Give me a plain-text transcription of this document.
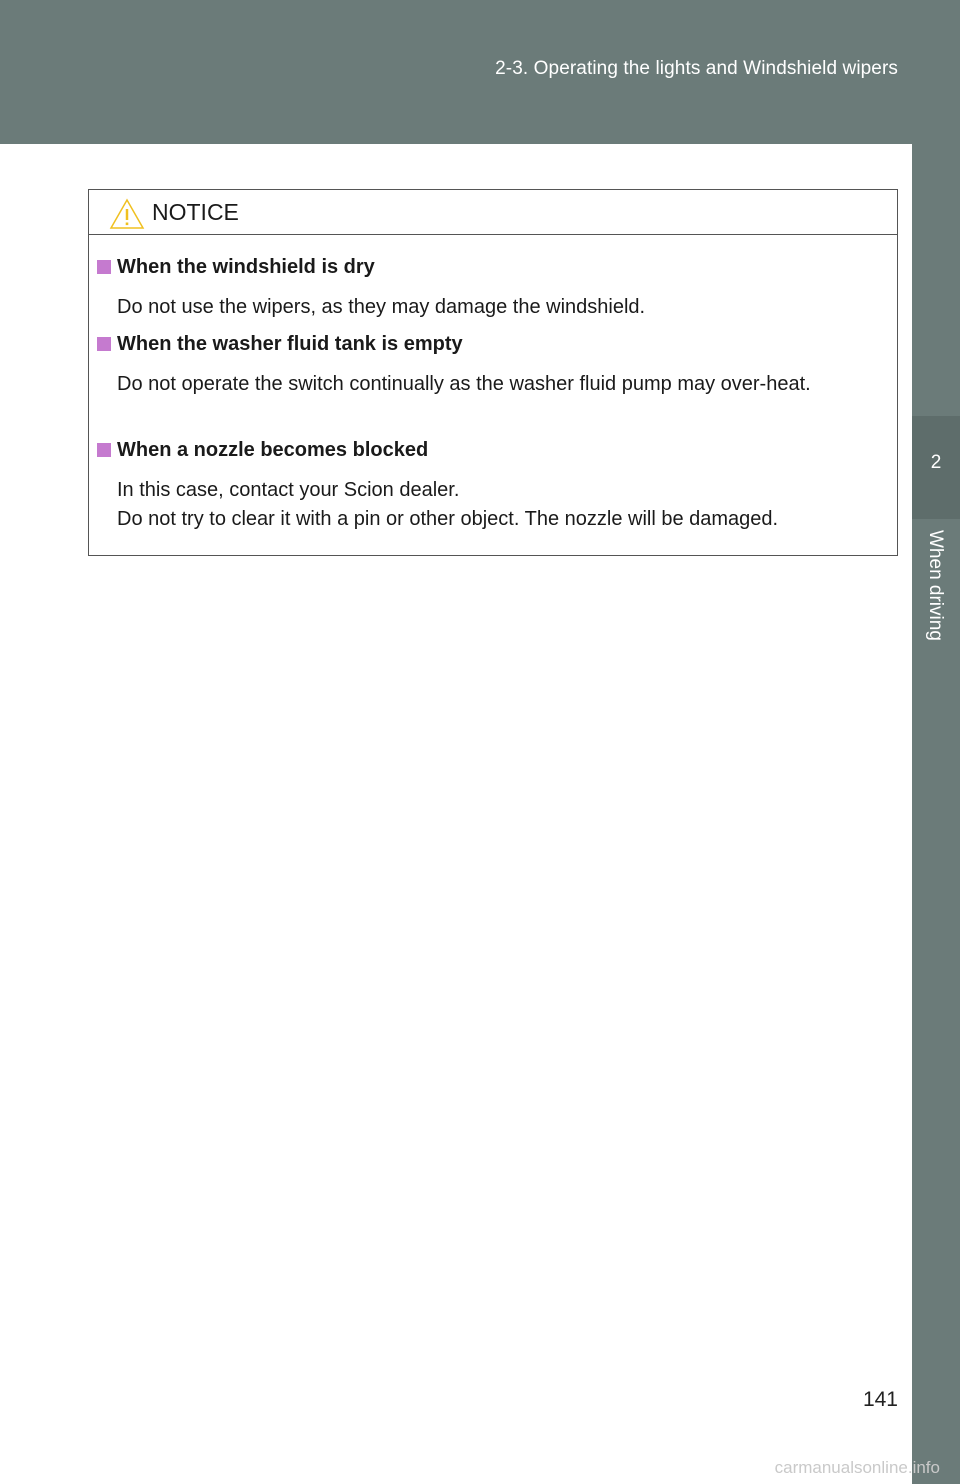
2-3. Operating the lights and Windshield wipers
2
When driving
NOTICE
When the windshield is dry
Do not use the wipers, as they may damage the windshield.
When the washer fluid tank is empty
Do not operate the switch continually as the washer fluid pump may over-heat.
When a nozzle becomes blocked
In this case, contact your Scion dealer.
Do not try to clear it with a pin or other object. The nozzle will be damaged.
141
carmanualsonline.info
